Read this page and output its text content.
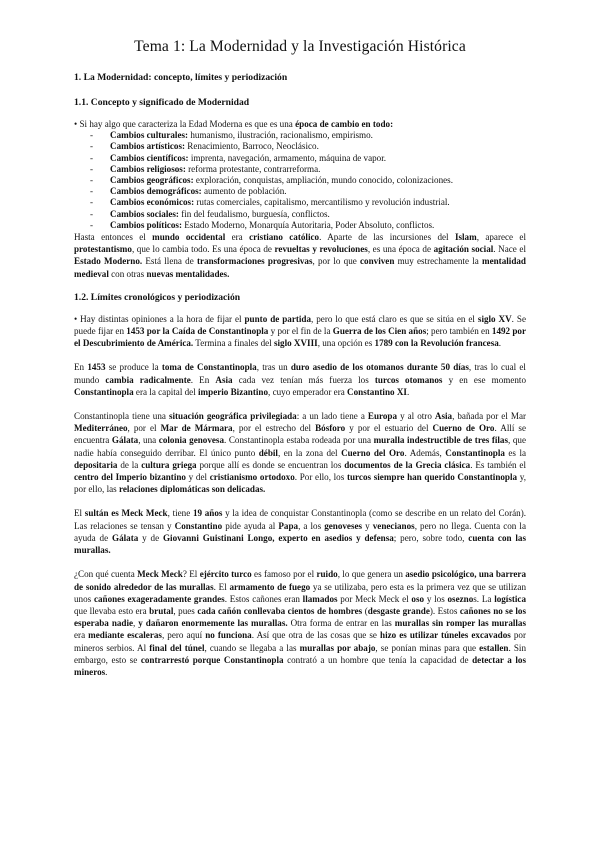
Tema 1: La Modernidad y la Investigación Histórica
1. La Modernidad: concepto, límites y periodización
1.1. Concepto y significado de Modernidad

• Si hay algo que caracteriza la Edad Moderna es que es una época de cambio en todo:

- Cambios culturales: humanismo, ilustración, racionalismo, empirismo.
- Cambios artísticos: Renacimiento, Barroco, Neoclásico.
- Cambios científicos: imprenta, navegación, armamento, máquina de vapor.
- Cambios religiosos: reforma protestante, contrarreforma.
- Cambios geográficos: exploración, conquistas, ampliación, mundo conocido, colonizaciones.
- Cambios demográficos: aumento de población.
- Cambios económicos: rutas comerciales, capitalismo, mercantilismo y revolución industrial.
- Cambios sociales: fin del feudalismo, burguesía, conflictos.
- Cambios políticos: Estado Moderno, Monarquía Autoritaria, Poder Absoluto, conflictos.

Hasta entonces el mundo occidental era cristiano católico. Aparte de las incursiones del Islam, aparece el protestantismo, que lo cambia todo. Es una época de revueltas y revoluciones, es una época de agitación social. Nace el Estado Moderno. Está llena de transformaciones progresivas, por lo que conviven muy estrechamente la mentalidad medieval con otras nuevas mentalidades.

1.2. Límites cronológicos y periodización

• Hay distintas opiniones a la hora de fijar el punto de partida, pero lo que está claro es que se sitúa en el siglo XV. Se puede fijar en 1453 por la Caída de Constantinopla y por el fin de la Guerra de los Cien años; pero también en 1492 por el Descubrimiento de América. Termina a finales del siglo XVIII, una opción es 1789 con la Revolución francesa.

En 1453 se produce la toma de Constantinopla, tras un duro asedio de los otomanos durante 50 días, tras lo cual el mundo cambia radicalmente. En Asia cada vez tenían más fuerza los turcos otomanos y en ese momento Constantinopla era la capital del imperio Bizantino, cuyo emperador era Constantino XI.

Constantinopla tiene una situación geográfica privilegiada: a un lado tiene a Europa y al otro Asia, bañada por el Mar Mediterráneo, por el Mar de Mármara, por el estrecho del Bósforo y por el estuario del Cuerno de Oro. Allí se encuentra Gálata, una colonia genovesa. Constantinopla estaba rodeada por una muralla indestructible de tres filas, que nadie había conseguido derribar. El único punto débil, en la zona del Cuerno del Oro. Además, Constantinopla es la depositaria de la cultura griega porque allí es donde se encuentran los documentos de la Grecia clásica. Es también el centro del Imperio bizantino y del cristianismo ortodoxo. Por ello, los turcos siempre han querido Constantinopla y, por ello, las relaciones diplomáticas son delicadas.

El sultán es Meck Meck, tiene 19 años y la idea de conquistar Constantinopla (como se describe en un relato del Corán). Las relaciones se tensan y Constantino pide ayuda al Papa, a los genoveses y venecianos, pero no llega. Cuenta con la ayuda de Gálata y de Giovanni Guistinani Longo, experto en asedios y defensa; pero, sobre todo, cuenta con las murallas.

¿Con qué cuenta Meck Meck? El ejército turco es famoso por el ruido, lo que genera un asedio psicológico, una barrera de sonido alrededor de las murallas. El armamento de fuego ya se utilizaba, pero esta es la primera vez que se utilizan unos cañones exageradamente grandes. Estos cañones eran llamados por Meck Meck el oso y los oseznos. La logística que llevaba esto era brutal, pues cada cañón conllevaba cientos de hombres (desgaste grande). Estos cañones no se los esperaba nadie, y dañaron enormemente las murallas. Otra forma de entrar en las murallas sin romper las murallas era mediante escaleras, pero aquí no funciona. Así que otra de las cosas que se hizo es utilizar túneles excavados por mineros serbios. Al final del túnel, cuando se llegaba a las murallas por abajo, se ponían minas para que estallen. Sin embargo, esto se contrarrestó porque Constantinopla contrató a un hombre que tenía la capacidad de detectar a los mineros.
